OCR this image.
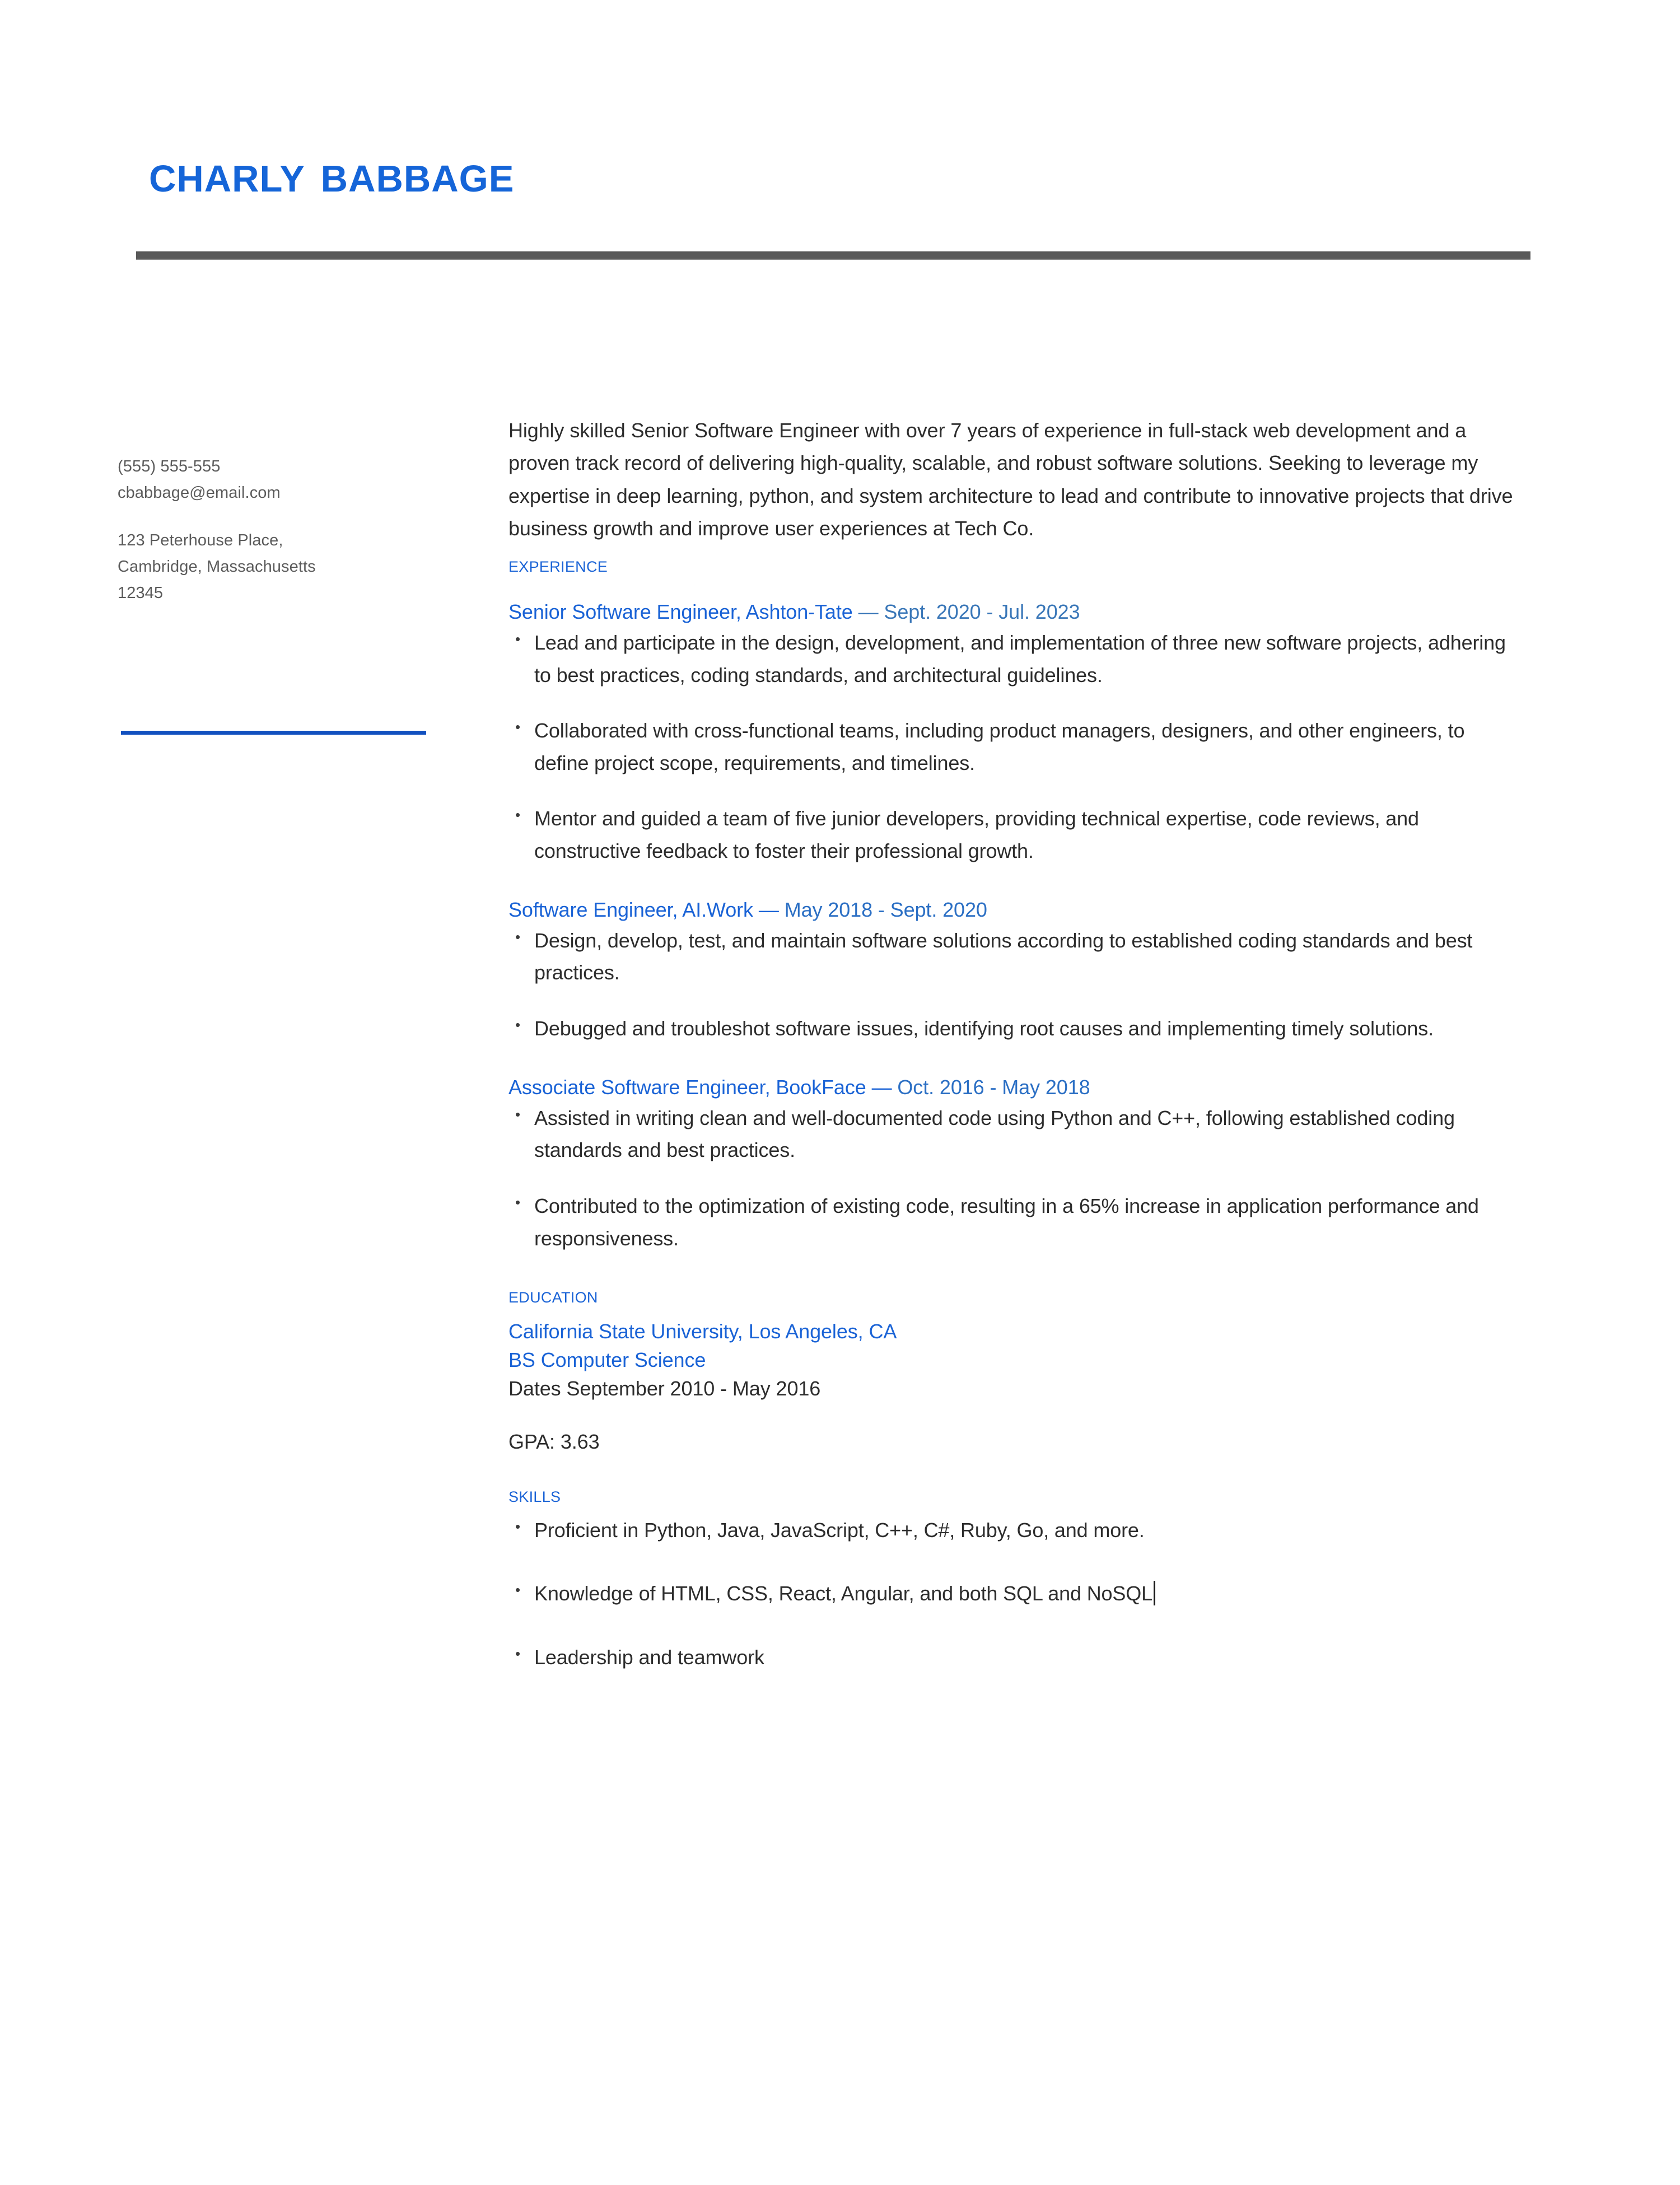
charly babbage
(555) 555-555
cbabbage@email.com
123 Peterhouse Place,
Cambridge, Massachusetts
12345

Highly skilled Senior Software Engineer with over 7 years of experience in full-stack web development and a proven track record of delivering high-quality, scalable, and robust software solutions. Seeking to leverage my expertise in deep learning, python, and system architecture to lead and contribute to innovative projects that drive business growth and improve user experiences at Tech Co.

experience

Senior Software Engineer, Ashton-Tate — Sept. 2020 - Jul. 2023

• Lead and participate in the design, development, and implementation of three new software projects, adhering to best practices, coding standards, and architectural guidelines.
• Collaborated with cross-functional teams, including product managers, designers, and other engineers, to define project scope, requirements, and timelines.
• Mentor and guided a team of five junior developers, providing technical expertise, code reviews, and constructive feedback to foster their professional growth.

Software Engineer, AI.Work — May 2018 - Sept. 2020

• Design, develop, test, and maintain software solutions according to established coding standards and best practices.
• Debugged and troubleshot software issues, identifying root causes and implementing timely solutions.

Associate Software Engineer, BookFace — Oct. 2016 - May 2018

• Assisted in writing clean and well-documented code using Python and C++, following established coding standards and best practices.
• Contributed to the optimization of existing code, resulting in a 65% increase in application performance and responsiveness.
education

California State University, Los Angeles, CA

BS Computer Science

Dates September 2010 - May 2016

GPA: 3.63

skills
• Proficient in Python, Java, JavaScript, C++, C#, Ruby, Go, and more.
• Knowledge of HTML, CSS, React, Angular, and both SQL and NoSQL
• Leadership and teamwork
